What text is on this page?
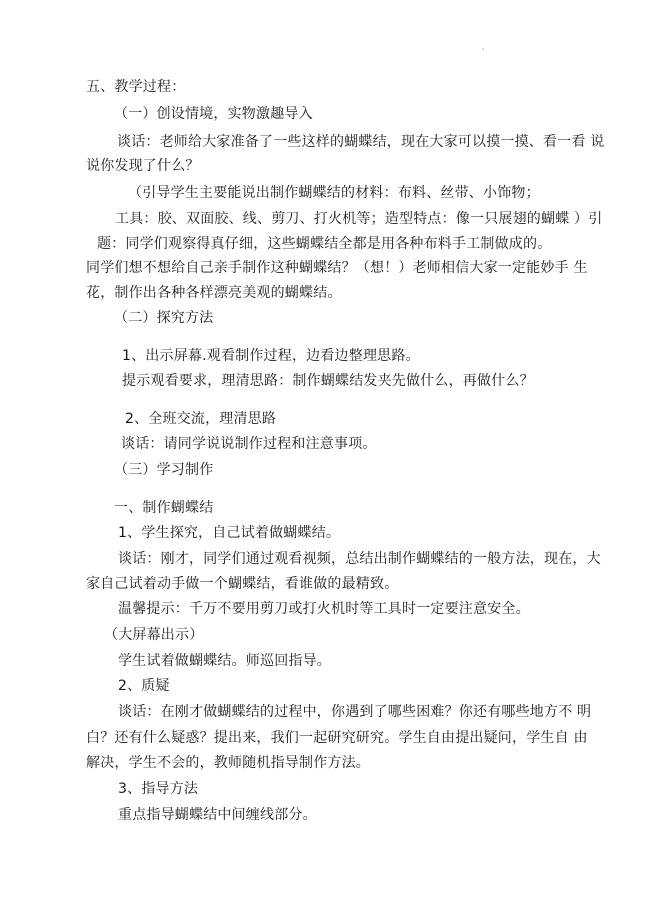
五、教学过程：
（一）创设情境，实物激趣导入
谈话：老师给大家准备了一些这样的蝴蝶结，现在大家可以摸一摸、看一看 说
说你发现了什么？
（引导学生主要能说出制作蝴蝶结的材料：布料、丝带、小饰物；
工具：胶、双面胶、线、剪刀、打火机等；造型特点：像一只展翅的蝴蝶 ）引
题：同学们观察得真仔细，这些蝴蝶结全都是用各种布料手工制做成的。
同学们想不想给自己亲手制作这种蝴蝶结？（想！）老师相信大家一定能妙手 生
花，制作出各种各样漂亮美观的蝴蝶结。
（二）探究方法
1、出示屏幕.观看制作过程，边看边整理思路。
提示观看要求，理清思路：制作蝴蝶结发夹先做什么，再做什么？
2、全班交流，理清思路
谈话：请同学说说制作过程和注意事项。
（三）学习制作
一、制作蝴蝶结
1、学生探究，自己试着做蝴蝶结。
谈话：刚才，同学们通过观看视频，总结出制作蝴蝶结的一般方法，现在，大
家自己试着动手做一个蝴蝶结，看谁做的最精致。
温馨提示：千万不要用剪刀或打火机时等工具时一定要注意安全。
（大屏幕出示）
学生试着做蝴蝶结。师巡回指导。
2、质疑
谈话：在刚才做蝴蝶结的过程中，你遇到了哪些困难？你还有哪些地方不 明
白？还有什么疑惑？提出来，我们一起研究研究。学生自由提出疑问，学生自 由
解决，学生不会的，教师随机指导制作方法。
3、指导方法
重点指导蝴蝶结中间缠线部分。
